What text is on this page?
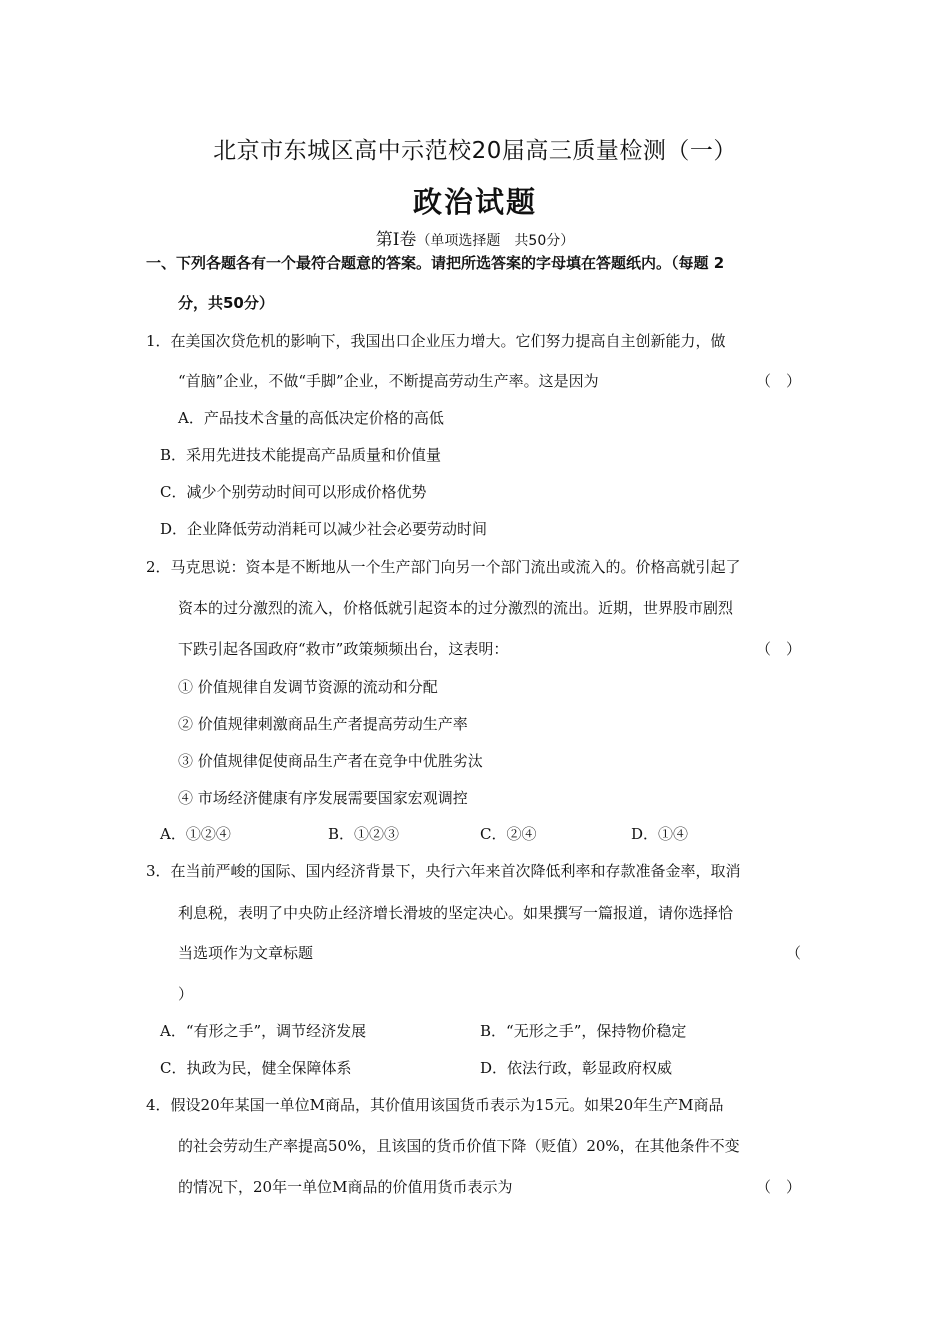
北京市东城区高中示范校20届高三质量检测（一）
政治试题
第Ⅰ卷（单项选择题　共50分）
一、下列各题各有一个最符合题意的答案。请把所选答案的字母填在答题纸内。（每题 2
分，共50分）
1．在美国次贷危机的影响下，我国出口企业压力增大。它们努力提高自主创新能力，做
“首脑”企业，不做“手脚”企业，不断提高劳动生产率。这是因为	（　）
A．产品技术含量的高低决定价格的高低
B．采用先进技术能提高产品质量和价值量
C．减少个别劳动时间可以形成价格优势
D．企业降低劳动消耗可以减少社会必要劳动时间
2．马克思说：资本是不断地从一个生产部门向另一个部门流出或流入的。价格高就引起了
资本的过分激烈的流入，价格低就引起资本的过分激烈的流出。近期，世界股市剧烈
下跌引起各国政府“救市”政策频频出台，这表明：	（　）
① 价值规律自发调节资源的流动和分配
② 价值规律刺激商品生产者提高劳动生产率
③ 价值规律促使商品生产者在竞争中优胜劣汰
④ 市场经济健康有序发展需要国家宏观调控
A．①②④	B．①②③	C．②④	D．①④
3．在当前严峻的国际、国内经济背景下，央行六年来首次降低利率和存款准备金率，取消
利息税，表明了中央防止经济增长滑坡的坚定决心。如果撰写一篇报道，请你选择恰
当选项作为文章标题	（
）
A．“有形之手”，调节经济发展	B．“无形之手”，保持物价稳定
C．执政为民，健全保障体系	D．依法行政，彰显政府权威
4．假设20年某国一单位M商品，其价值用该国货币表示为15元。如果20年生产M商品
的社会劳动生产率提高50%，且该国的货币价值下降（贬值）20%，在其他条件不变
的情况下，20年一单位M商品的价值用货币表示为	（　）
